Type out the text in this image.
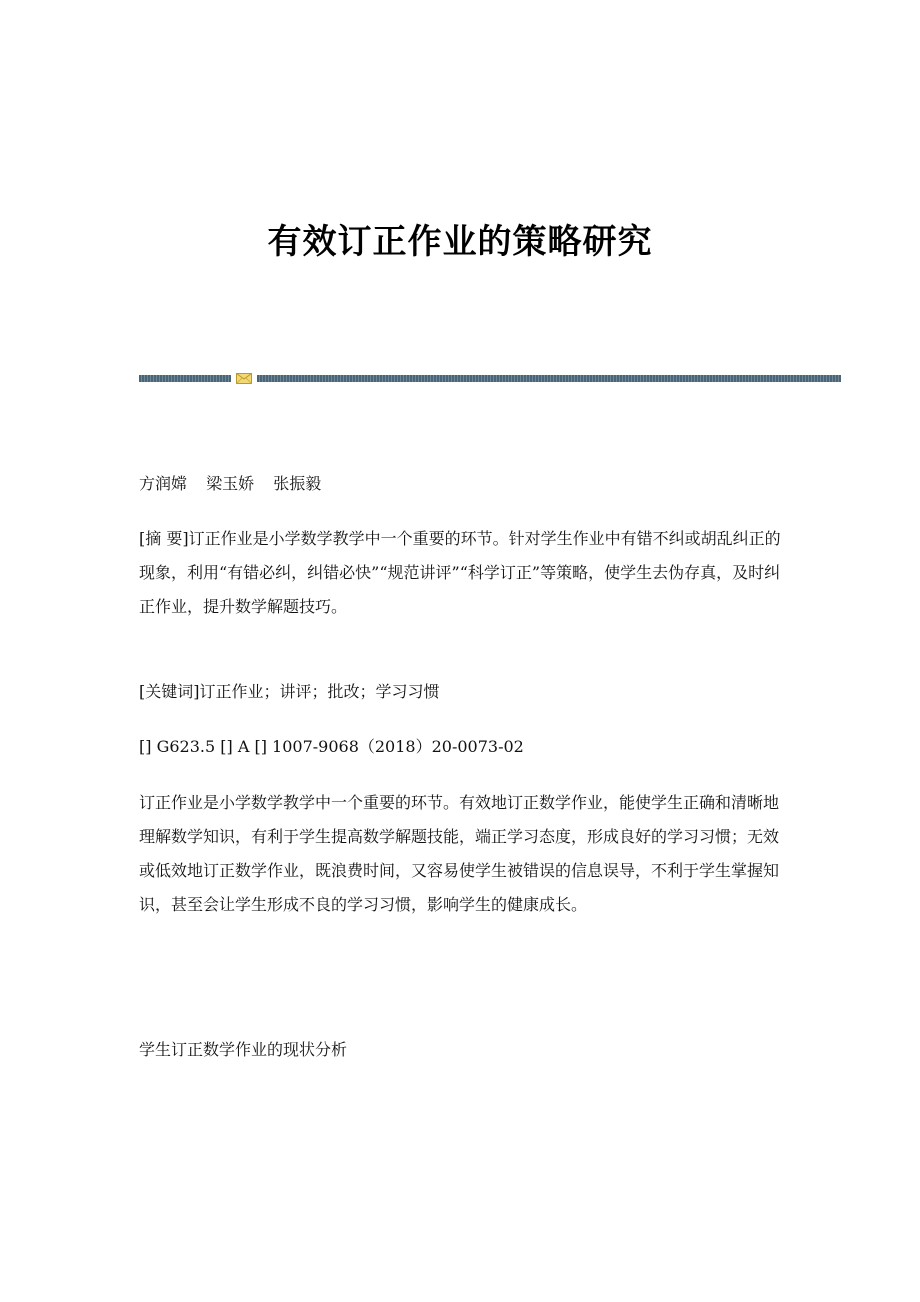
有效订正作业的策略研究

方润嫦 梁玉娇 张振毅

[摘 要]订正作业是小学数学教学中一个重要的环节。针对学生作业中有错不纠或胡乱纠正的现象，利用“有错必纠，纠错必快”“规范讲评”“科学订正”等策略，使学生去伪存真，及时纠正作业，提升数学解题技巧。

[关键词]订正作业；讲评；批改；学习习惯

[] G623.5 [] A [] 1007-9068（2018）20-0073-02

订正作业是小学数学教学中一个重要的环节。有效地订正数学作业，能使学生正确和清晰地理解数学知识，有利于学生提高数学解题技能，端正学习态度，形成良好的学习习惯；无效或低效地订正数学作业，既浪费时间，又容易使学生被错误的信息误导，不利于学生掌握知识，甚至会让学生形成不良的学习习惯，影响学生的健康成长。

学生订正数学作业的现状分析
